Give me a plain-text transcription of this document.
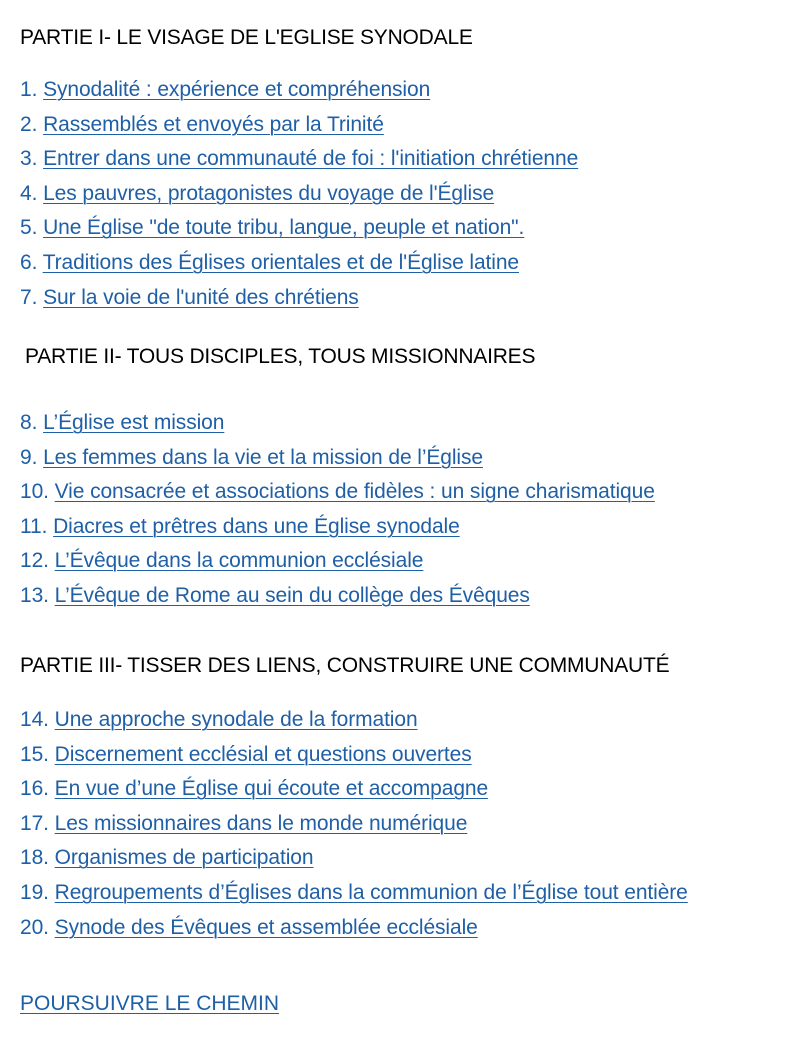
PARTIE I- LE VISAGE DE L'EGLISE SYNODALE
1. Synodalité : expérience et compréhension
2. Rassemblés et envoyés par la Trinité
3. Entrer dans une communauté de foi : l'initiation chrétienne
4. Les pauvres, protagonistes du voyage de l'Église
5. Une Église "de toute tribu, langue, peuple et nation".
6. Traditions des Églises orientales et de l'Église latine
7. Sur la voie de l'unité des chrétiens
PARTIE II- TOUS DISCIPLES, TOUS MISSIONNAIRES
8. L’Église est mission
9. Les femmes dans la vie et la mission de l’Église
10. Vie consacrée et associations de fidèles : un signe charismatique
11. Diacres et prêtres dans une Église synodale
12. L’Évêque dans la communion ecclésiale
13. L’Évêque de Rome au sein du collège des Évêques
PARTIE III- TISSER DES LIENS, CONSTRUIRE UNE COMMUNAUTÉ
14. Une approche synodale de la formation
15. Discernement ecclésial et questions ouvertes
16. En vue d’une Église qui écoute et accompagne
17. Les missionnaires dans le monde numérique
18. Organismes de participation
19. Regroupements d’Églises dans la communion de l’Église tout entière
20. Synode des Évêques et assemblée ecclésiale
POURSUIVRE LE CHEMIN
